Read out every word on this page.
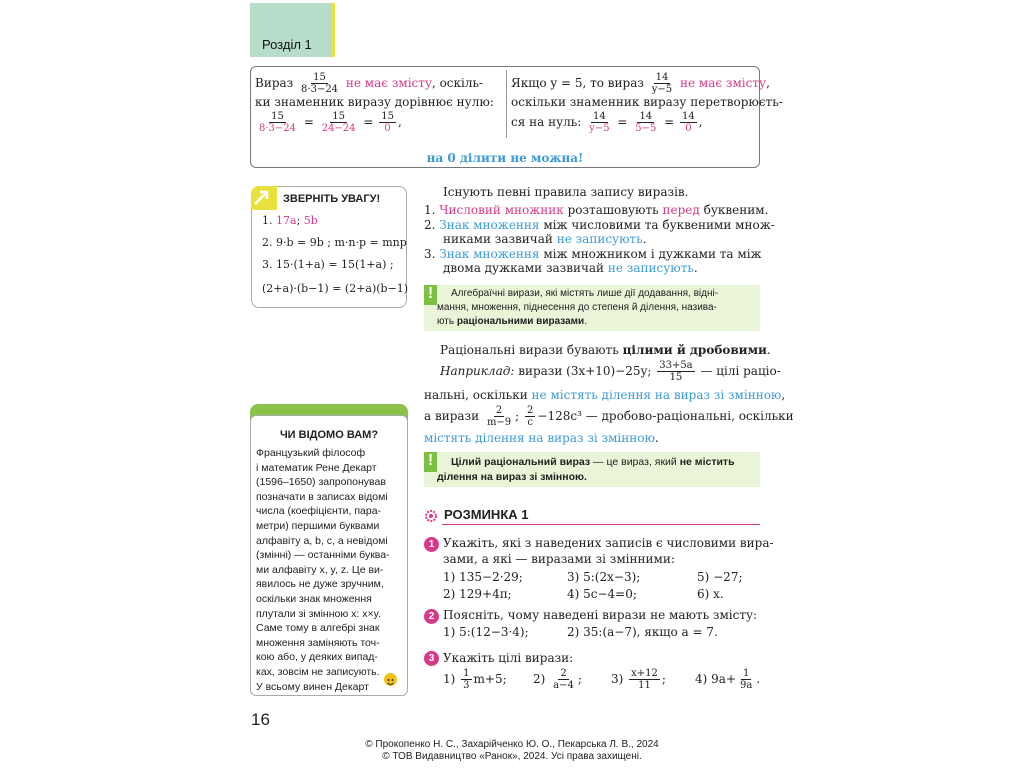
Розділ 1
Вираз $\frac{15}{8\cdot 3-24}$ не має змісту, оскіль-
ки знаменник виразу дорівнює нулю:
$\frac{15}{8\cdot 3-24} = \frac{15}{24-24} = \frac{15}{0}$ ,
Якщо y = 5, то вираз $\frac{14}{y-5}$ не має змісту,
оскільки знаменник виразу перетворюєть-
ся на нуль: $\frac{14}{y-5} = \frac{14}{5-5} = \frac{14}{0}$ ,
на 0 ділити не можна!
ЗВЕРНІТЬ УВАГУ!
1. 17a; 5b
2. 9·b = 9b ; m·n·p = mnp
3. 15·(1+a) = 15(1+a) ;
(2+a)·(b−1) = (2+a)(b−1)
Існують певні правила запису виразів.
1. Числовий множник розташовують перед буквеним.
2. Знак множення між числовими та буквеними множ-
никами зазвичай не записують.
3. Знак множення між множником і дужками та між
двома дужками зазвичай не записують.
!	Алгебраїчні вирази, які містять лише дії додавання, відні-
мання, множення, піднесення до степеня й ділення, назива-
ють раціональними виразами.
Раціональні вирази бувають цілими й дробовими.
Наприклад: вирази (3x+10)−25y; $\frac{33+5a}{15}$ — цілі раціо-
нальні, оскільки не містять ділення на вираз зі змінною,
а вирази $\frac{2}{m-9}$ ; $\frac{2}{c} -128c^3$ — дробово-раціональні, оскільки
містять ділення на вираз зі змінною.
!	Цілий раціональний вираз — це вираз, який не містить
ділення на вираз зі змінною.
РОЗМИНКА 1
1 Укажіть, які з наведених записів є числовими вира-
зами, а які — виразами зі змінними:
1) 135−2·29;	3) 5:(2x−3);	5) −27;
2) 129+4π;	4) 5c−4=0;	6) x.
2 Поясніть, чому наведені вирази не мають змісту:
1) 5:(12−3·4);	2) 35:(a−7), якщо a = 7.
3 Укажіть цілі вирази:
$1) \frac{1}{3} m+5$; $2) \frac{2}{a-4}$ ; $3) \frac{x+12}{11}$ ; 4) $9a+ \frac{1}{9a}$ .
ЧИ ВІДОМО ВАМ?
Французький філософ
і математик Рене Декарт
(1596–1650) запропонував
позначати в записах відомі
числа (коефіцієнти, пара-
метри) першими буквами
алфавіту a, b, c, а невідомі
(змінні) — останніми буква-
ми алфавіту x, y, z. Це ви-
явилось не дуже зручним,
оскільки знак множення
плутали зі змінною x: x×y.
Саме тому в алгебрі знак
множення заміняють точ-
кою або, у деяких випад-
ках, зовсім не записують.
У всьому винен Декарт
16
© Прокопенко Н. С., Захарійченко Ю. О., Пекарська Л. В., 2024
© ТОВ Видавництво «Ранок», 2024. Усі права захищені.
